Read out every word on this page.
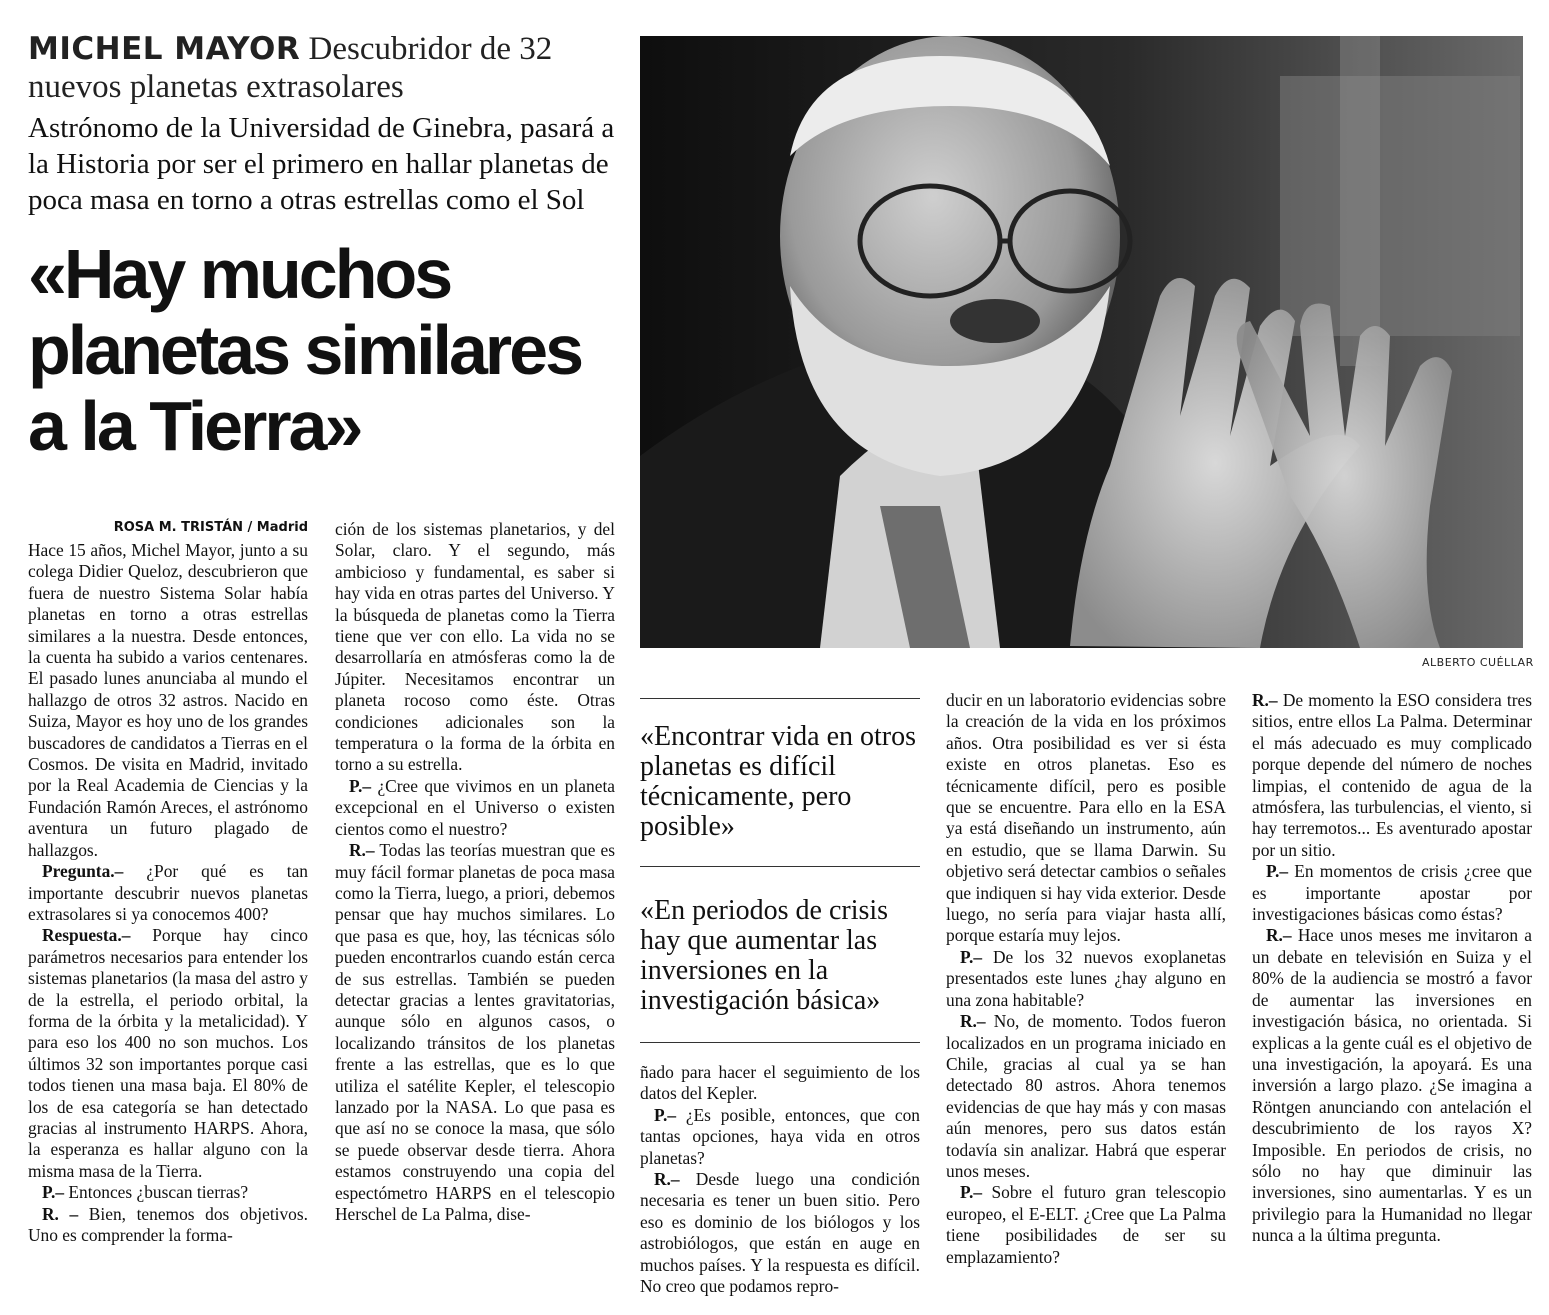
MICHEL MAYOR Descubridor de 32 nuevos planetas extrasolares
Astrónomo de la Universidad de Ginebra, pasará a la Historia por ser el primero en hallar planetas de poca masa en torno a otras estrellas como el Sol
«Hay muchos planetas similares a la Tierra»
ALBERTO CUÉLLAR
ROSA M. TRISTÁN / Madrid

Hace 15 años, Michel Mayor, junto a su colega Didier Queloz, descubrieron que fuera de nuestro Sistema Solar había planetas en torno a otras estrellas similares a la nuestra. Desde entonces, la cuenta ha subido a varios centenares. El pasado lunes anunciaba al mundo el hallazgo de otros 32 astros. Nacido en Suiza, Mayor es hoy uno de los grandes buscadores de candidatos a Tierras en el Cosmos. De visita en Madrid, invitado por la Real Academia de Ciencias y la Fundación Ramón Areces, el astrónomo aventura un futuro plagado de hallazgos.

Pregunta.– ¿Por qué es tan importante descubrir nuevos planetas extrasolares si ya conocemos 400?

Respuesta.– Porque hay cinco parámetros necesarios para entender los sistemas planetarios (la masa del astro y de la estrella, el periodo orbital, la forma de la órbita y la metalicidad). Y para eso los 400 no son muchos. Los últimos 32 son importantes porque casi todos tienen una masa baja. El 80% de los de esa categoría se han detectado gracias al instrumento HARPS. Ahora, la esperanza es hallar alguno con la misma masa de la Tierra.

P.– Entonces ¿buscan tierras?

R. – Bien, tenemos dos objetivos. Uno es comprender la forma-

ción de los sistemas planetarios, y del Solar, claro. Y el segundo, más ambicioso y fundamental, es saber si hay vida en otras partes del Universo. Y la búsqueda de planetas como la Tierra tiene que ver con ello. La vida no se desarrollaría en atmósferas como la de Júpiter. Necesitamos encontrar un planeta rocoso como éste. Otras condiciones adicionales son la temperatura o la forma de la órbita en torno a su estrella.

P.– ¿Cree que vivimos en un planeta excepcional en el Universo o existen cientos como el nuestro?

R.– Todas las teorías muestran que es muy fácil formar planetas de poca masa como la Tierra, luego, a priori, debemos pensar que hay muchos similares. Lo que pasa es que, hoy, las técnicas sólo pueden encontrarlos cuando están cerca de sus estrellas. También se pueden detectar gracias a lentes gravitatorias, aunque sólo en algunos casos, o localizando tránsitos de los planetas frente a las estrellas, que es lo que utiliza el satélite Kepler, el telescopio lanzado por la NASA. Lo que pasa es que así no se conoce la masa, que sólo se puede observar desde tierra. Ahora estamos construyendo una copia del espectómetro HARPS en el telescopio Herschel de La Palma, dise-

«Encontrar vida en otros planetas es difícil técnicamente, pero posible»
«En periodos de crisis hay que aumentar las inversiones en la investigación básica»

ñado para hacer el seguimiento de los datos del Kepler.

P.– ¿Es posible, entonces, que con tantas opciones, haya vida en otros planetas?

R.– Desde luego una condición necesaria es tener un buen sitio. Pero eso es dominio de los biólogos y los astrobiólogos, que están en auge en muchos países. Y la respuesta es difícil. No creo que podamos repro-

ducir en un laboratorio evidencias sobre la creación de la vida en los próximos años. Otra posibilidad es ver si ésta existe en otros planetas. Eso es técnicamente difícil, pero es posible que se encuentre. Para ello en la ESA ya está diseñando un instrumento, aún en estudio, que se llama Darwin. Su objetivo será detectar cambios o señales que indiquen si hay vida exterior. Desde luego, no sería para viajar hasta allí, porque estaría muy lejos.

P.– De los 32 nuevos exoplanetas presentados este lunes ¿hay alguno en una zona habitable?

R.– No, de momento. Todos fueron localizados en un programa iniciado en Chile, gracias al cual ya se han detectado 80 astros. Ahora tenemos evidencias de que hay más y con masas aún menores, pero sus datos están todavía sin analizar. Habrá que esperar unos meses.

P.– Sobre el futuro gran telescopio europeo, el E-ELT. ¿Cree que La Palma tiene posibilidades de ser su emplazamiento?

R.– De momento la ESO considera tres sitios, entre ellos La Palma. Determinar el más adecuado es muy complicado porque depende del número de noches limpias, el contenido de agua de la atmósfera, las turbulencias, el viento, si hay terremotos... Es aventurado apostar por un sitio.

P.– En momentos de crisis ¿cree que es importante apostar por investigaciones básicas como éstas?

R.– Hace unos meses me invitaron a un debate en televisión en Suiza y el 80% de la audiencia se mostró a favor de aumentar las inversiones en investigación básica, no orientada. Si explicas a la gente cuál es el objetivo de una investigación, la apoyará. Es una inversión a largo plazo. ¿Se imagina a Röntgen anunciando con antelación el descubrimiento de los rayos X? Imposible. En periodos de crisis, no sólo no hay que diminuir las inversiones, sino aumentarlas. Y es un privilegio para la Humanidad no llegar nunca a la última pregunta.
